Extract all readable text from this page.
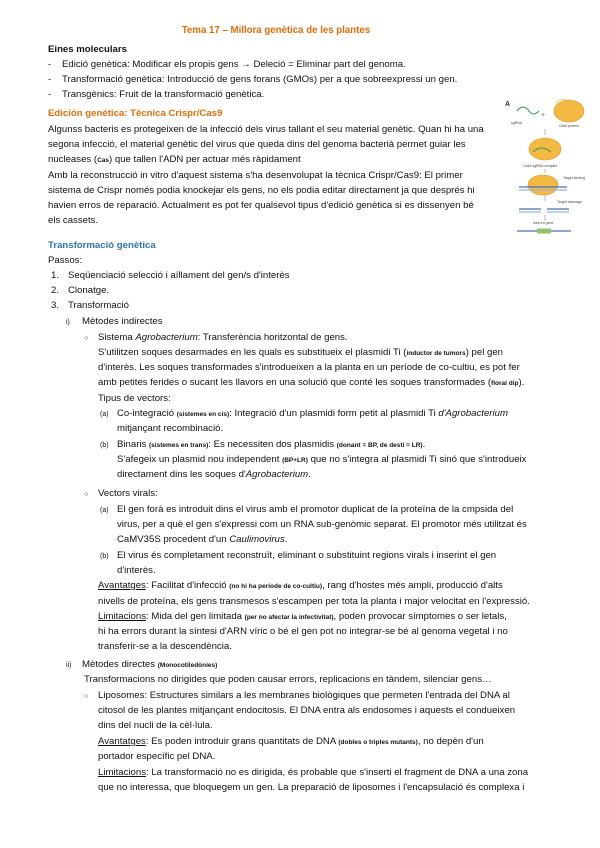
Tema 17 – Millora genètica de les plantes
Eines moleculars
- Edició genètica: Modificar els propis gens → Deleció = Eliminar part del genoma.
- Transformació genètica: Introducció de gens forans (GMOs) per a que sobreexpressi un gen.
- Transgènics: Fruit de la transformació genètica.
Edición genética: Tècnica Crispr/Cas9
Algunss bacteris es protegeixen de la infecció dels virus tallant el seu material genètic. Quan hi ha una
segona infecció, el material genètic del virus que queda dins del genoma bacterià permet guiar les
nucleases (Cas) que tallen l'ADN per actuar més ràpidament
Amb la reconstrucció in vitro d'aquest sistema s'ha desenvolupat la tècnica Crispr/Cas9: El primer
sistema de Crispr només podia knockejar els gens, no els podia editar directament ja que després hi
havien erros de reparació. Actualment es pot fer qualsevol tipus d'edició genètica si es dissenyen bé
els cassets.
A
Cas9 protein
sgRNA
+
Cas9-sgRNA complex
Target binding
Target cleavage
Insert a gene
Transformació genètica
Passos:
1. Seqüenciació selecció i aïllament del gen/s d'interès
2. Clonatge.
3. Transformació
i) Mètodes indirectes
○ Sistema Agrobacterium: Transferència horitzontal de gens.
S'utilitzen soques desarmades en les quals es substitueix el plasmidi Ti (inductor de tumors) pel gen
d'interès. Les soques transformades s'introdueixen a la planta en un període de co-cultiu, es pot fer
amb petites ferides o sucant les llavors en una solució que conté les soques transformades (floral dip).
Tipus de vectors:
(a) Co-integració (sistemes en cis): Integració d'un plasmidi form petit al plasmidi Ti d'Agrobacterium
mitjançant recombinació.
(b) Binaris (sistemes en trans): Es necessiten dos plasmidis (donant = BP, de desti = LR).
S'afegeix un plasmid nou independent (BP+LR) que no s'integra al plasmidi Ti sinó que s'introdueix
directament dins les soques d'Agrobacterium.
○ Vectors virals:
(a) El gen forà es introduit dins el virus amb el promotor duplicat de la proteïna de la cmpsida del
virus, per a què el gen s'expressi com un RNA sub-genòmic separat. El promotor més utilitzat és
CaMV35S procedent d'un Caulimovirus.
(b) El virus és completament reconstruït, eliminant o substituint regions virals i inserint el gen
d'interès.
Avantatges: Facilitat d'infecció (no hi ha període de co-cultiu), rang d'hostes més ampli, producció d'alts
nivells de proteïna, els gens transmesos s'escampen per tota la planta i major velocitat en l'expressió.
Limitacions: Mida del gen limitada (per no afectar la infectivitat), poden provocar símptomes o ser letals,
hi ha errors durant la síntesi d'ARN víric o bé el gen pot no integrar-se bé al genoma vegetal i no
transferir-se a la descendència.
ii) Mètodes directes (Monocotiledònies)
Transformacions no dirigides que poden causar errors, replicacions en tàndem, silenciar gens…
○ Liposomes: Estructures similars a les membranes biològiques que permeten l'entrada del DNA al
citosol de les plantes mitjançant endocitosis. El DNA entra als endosomes i aquests el condueixen
dins del nucli de la cèl·lula.
Avantatges: Es poden introduir grans quantitats de DNA (dobles o triples mutants), no depèn d'un
portador específic pel DNA.
Limitacions: La transformació no es dirigida, és probable que s'inserti el fragment de DNA a una zona
que no interessa, que bloquegem un gen. La preparació de liposomes i l'encapsulació és complexa i
